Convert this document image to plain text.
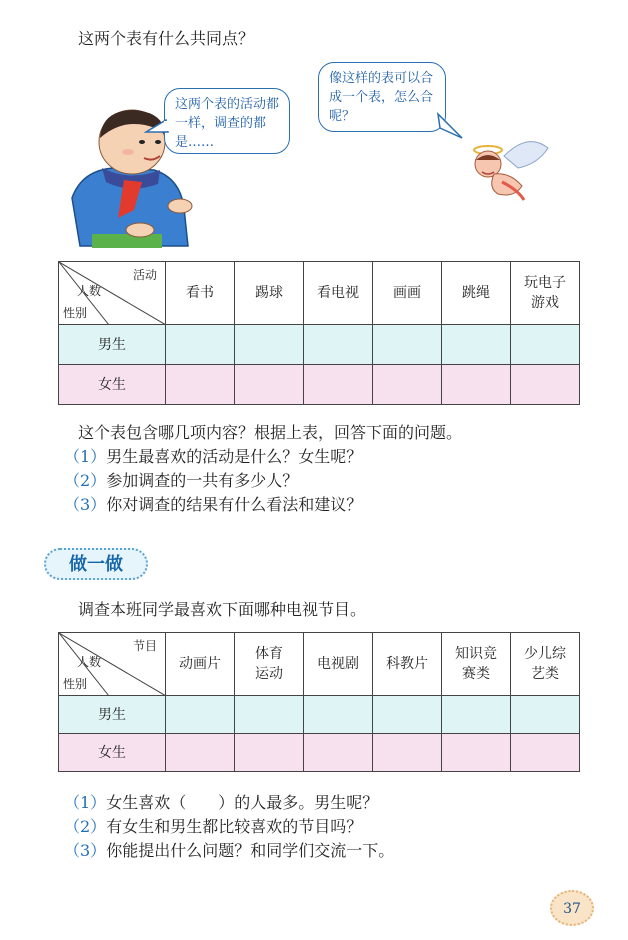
这两个表有什么共同点？
这两个表的活动都一样，调查的都是……
像这样的表可以合成一个表，怎么合呢？
活动
人数
性别	看书	踢球	看电视	画画	跳绳	玩电子游戏
男生						
女生						
这个表包含哪几项内容？根据上表，回答下面的问题。
（1）男生最喜欢的活动是什么？女生呢？
（2）参加调查的一共有多少人？
（3）你对调查的结果有什么看法和建议？
做一做
调查本班同学最喜欢下面哪种电视节目。
节目
人数
性别	动画片	体育运动	电视剧	科教片	知识竞赛类	少儿综艺类
男生						
女生						
（1）女生喜欢（　　）的人最多。男生呢？
（2）有女生和男生都比较喜欢的节目吗？
（3）你能提出什么问题？和同学们交流一下。
37
